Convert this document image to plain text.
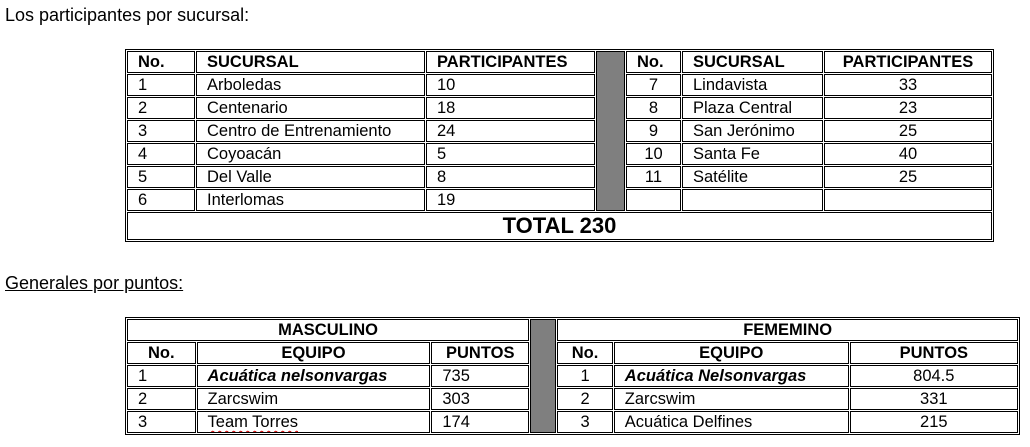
Los participantes por sucursal:
No.	SUCURSAL	PARTICIPANTES		No.	SUCURSAL	PARTICIPANTES
1	Arboledas	10		7	Lindavista	33
2	Centenario	18		8	Plaza Central	23
3	Centro de Entrenamiento	24		9	San Jerónimo	25
4	Coyoacán	5		10	Santa Fe	40
5	Del Valle	8		11	Satélite	25
6	Interlomas	19				
TOTAL 230						
Generales por puntos:
MASCULINO				FEMEMINO		
No.	EQUIPO	PUNTOS		No.	EQUIPO	PUNTOS
1	Acuática nelsonvargas	735		1	Acuática Nelsonvargas	804.5
2	Zarcswim	303		2	Zarcswim	331
3	Team Torres	174		3	Acuática Delfines	215
